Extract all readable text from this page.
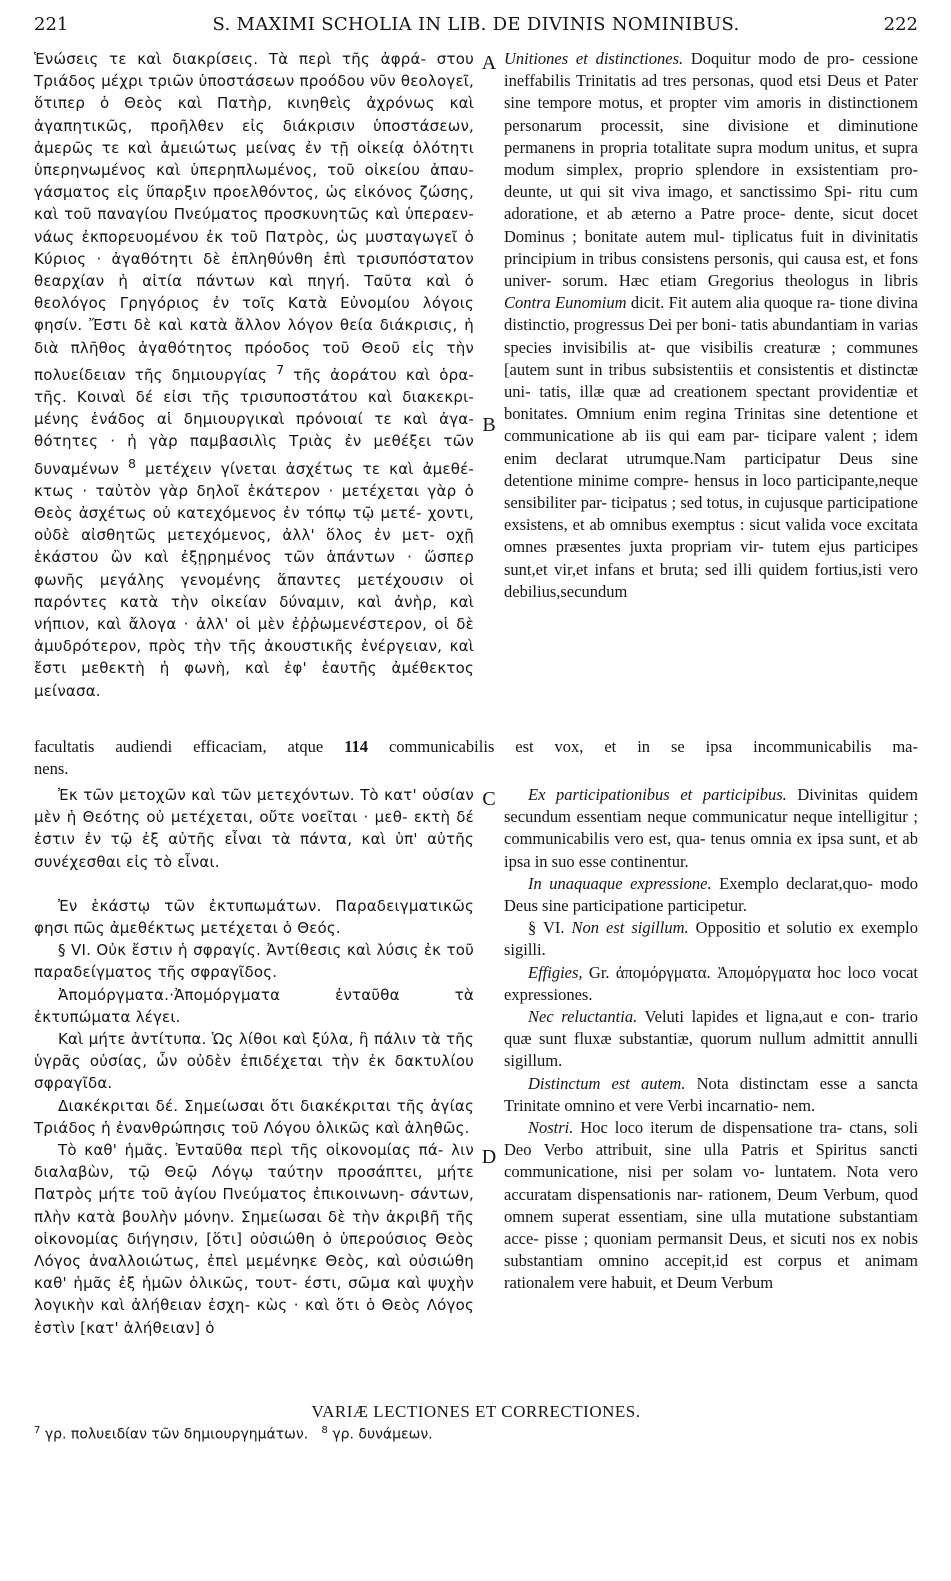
221	S. MAXIMI SCHOLIA IN LIB. DE DIVINIS NOMINIBUS.	222

Ἑνώσεις τε καὶ διακρίσεις. Τὰ περὶ τῆς ἀφρά- στου Τριάδος μέχρι τριῶν ὑποστάσεων προόδου νῦν θεολογεῖ, ὅτιπερ ὁ Θεὸς καὶ Πατὴρ, κινηθεὶς ἀχρόνως καὶ ἀγαπητικῶς, προῆλθεν εἰς διάκρισιν ὑποστάσεων, ἀμερῶς τε καὶ ἀμειώτως μείνας ἐν τῇ οἰκείᾳ ὁλότητι ὑπερηνωμένος καὶ ὑπερηπλωμένος, τοῦ οἰκείου ἀπαυ- γάσματος εἰς ὕπαρξιν προελθόντος, ὡς εἰκόνος ζώσης, καὶ τοῦ παναγίου Πνεύματος προσκυνητῶς καὶ ὑπεραεν- νάως ἐκπορευομένου ἐκ τοῦ Πατρὸς, ὡς μυσταγωγεῖ ὁ Κύριος · ἀγαθότητι δὲ ἐπληθύνθη ἐπὶ τρισυπόστατον θεαρχίαν ἡ αἰτία πάντων καὶ πηγή. Ταῦτα καὶ ὁ θεολόγος Γρηγόριος ἐν τοῖς Κατὰ Εὐνομίου λόγοις φησίν. Ἔστι δὲ καὶ κατὰ ἄλλον λόγον θεία διάκρισις, ἡ διὰ πλῆθος ἀγαθότητος πρόοδος τοῦ Θεοῦ εἰς τὴν πολυείδειαν τῆς δημιουργίας $^7$ τῆς ἀοράτου καὶ ὁρα- τῆς. Κοιναὶ δέ εἰσι τῆς τρισυποστάτου καὶ διακεκρι- μένης ἑνάδος αἱ δημιουργικαὶ πρόνοιαί τε καὶ ἀγα- θότητες · ἡ γὰρ παμβασιλὶς Τριὰς ἐν μεθέξει τῶν δυναμένων $^8$ μετέχειν γίνεται ἀσχέτως τε καὶ ἀμεθέ- κτως · ταὐτὸν γὰρ δηλοῖ ἑκάτερον · μετέχεται γὰρ ὁ Θεὸς ἀσχέτως οὐ κατεχόμενος ἐν τόπῳ τῷ μετέ- χοντι, οὐδὲ αἰσθητῶς μετεχόμενος, ἀλλ' ὅλος ἐν μετ- οχῇ ἑκάστου ὢν καὶ ἐξῃρημένος τῶν ἁπάντων · ὥσπερ φωνῆς μεγάλης γενομένης ἅπαντες μετέχουσιν οἱ παρόντες κατὰ τὴν οἰκείαν δύναμιν, καὶ ἀνὴρ, καὶ νήπιον, καὶ ἄλογα · ἀλλ' οἱ μὲν ἐῤῥωμενέστερον, οἱ δὲ ἀμυδρότερον, πρὸς τὴν τῆς ἀκουστικῆς ἐνέργειαν, καὶ ἔστι μεθεκτὴ ἡ φωνὴ, καὶ ἐφ' ἑαυτῆς ἀμέθεκτος μείνασα.

A
B
C
D

Unitiones et distinctiones. Doquitur modo de pro- cessione ineffabilis Trinitatis ad tres personas, quod etsi Deus et Pater sine tempore motus, et propter vim amoris in distinctionem personarum processit, sine divisione et diminutione permanens in propria totalitate supra modum unitus, et supra modum simplex, proprio splendore in exsistentiam pro- deunte, ut qui sit viva imago, et sanctissimo Spi- ritu cum adoratione, et ab æterno a Patre proce- dente, sicut docet Dominus ; bonitate autem mul- tiplicatus fuit in divinitatis principium in tribus consistens personis, qui causa est, et fons univer- sorum. Hæc etiam Gregorius theologus in libris Contra Eunomium dicit. Fit autem alia quoque ra- tione divina distinctio, progressus Dei per boni- tatis abundantiam in varias species invisibilis at- que visibilis creaturæ ; communes [autem sunt in tribus subsistentiis et consistentis et distinctæ uni- tatis, illæ quæ ad creationem spectant providentiæ et bonitates. Omnium enim regina Trinitas sine detentione et communicatione ab iis qui eam par- ticipare valent ; idem enim declarat utrumque.Nam participatur Deus sine detentione minime compre- hensus in loco participante,neque sensibiliter par- ticipatus ; sed totus, in cujusque participatione exsistens, et ab omnibus exemptus : sicut valida voce excitata omnes præsentes juxta propriam vir- tutem ejus participes sunt,et vir,et infans et bruta; sed illi quidem fortius,isti vero debilius,secundum

facultatis audiendi efficaciam, atque 114 communicabilis est vox, et in se ipsa incommunicabilis ma-
nens.

Ἐκ τῶν μετοχῶν καὶ τῶν μετεχόντων. Τὸ κατ' οὐσίαν μὲν ἡ Θεότης οὐ μετέχεται, οὔτε νοεῖται · μεθ- εκτὴ δέ ἐστιν ἐν τῷ ἐξ αὐτῆς εἶναι τὰ πάντα, καὶ ὑπ' αὐτῆς συνέχεσθαι εἰς τὸ εἶναι.

Ἐν ἑκάστῳ τῶν ἐκτυπωμάτων. Παραδειγματικῶς φησι πῶς ἀμεθέκτως μετέχεται ὁ Θεός.

§ VI. Οὐκ ἔστιν ἡ σφραγίς. Ἀντίθεσις καὶ λύσις ἐκ τοῦ παραδείγματος τῆς σφραγῖδος.

Ἀπομόργματα.·Ἀπομόργματα ἐνταῦθα τὰ ἐκτυπώματα λέγει.

Καὶ μήτε ἀντίτυπα. Ὡς λίθοι καὶ ξύλα, ἢ πάλιν τὰ τῆς ὑγρᾶς οὐσίας, ὧν οὐδὲν ἐπιδέχεται τὴν ἐκ δακτυλίου σφραγῖδα.

Διακέκριται δέ. Σημείωσαι ὅτι διακέκριται τῆς ἁγίας Τριάδος ἡ ἐνανθρώπησις τοῦ Λόγου ὁλικῶς καὶ ἀληθῶς.

Τὸ καθ' ἡμᾶς. Ἐνταῦθα περὶ τῆς οἰκονομίας πά- λιν διαλαβὼν, τῷ Θεῷ Λόγῳ ταύτην προσάπτει, μήτε Πατρὸς μήτε τοῦ ἁγίου Πνεύματος ἐπικοινωνη- σάντων, πλὴν κατὰ βουλὴν μόνην. Σημείωσαι δὲ τὴν ἀκριβῆ τῆς οἰκονομίας διήγησιν, [ὅτι] οὐσιώθη ὁ ὑπερούσιος Θεὸς Λόγος ἀναλλοιώτως, ἐπεὶ μεμένηκε Θεὸς, καὶ οὐσιώθη καθ' ἡμᾶς ἐξ ἡμῶν ὁλικῶς, τουτ- έστι, σῶμα καὶ ψυχὴν λογικὴν καὶ ἀλήθειαν ἐσχη- κὼς · καὶ ὅτι ὁ Θεὸς Λόγος ἐστὶν [κατ' ἀλήθειαν] ὁ

Ex participationibus et participibus. Divinitas quidem secundum essentiam neque communicatur neque intelligitur ; communicabilis vero est, qua- tenus omnia ex ipsa sunt, et ab ipsa in suo esse continentur.

In unaquaque expressione. Exemplo declarat,quo- modo Deus sine participatione participetur.

§ VI. Non est sigillum. Oppositio et solutio ex exemplo sigilli.

Effigies, Gr. ἀπομόργματα. Ἀπομόργματα hoc loco vocat expressiones.

Nec reluctantia. Veluti lapides et ligna,aut e con- trario quæ sunt fluxæ substantiæ, quorum nullum admittit annulli sigillum.

Distinctum est autem. Nota distinctam esse a sancta Trinitate omnino et vere Verbi incarnatio- nem.

Nostri. Hoc loco iterum de dispensatione tra- ctans, soli Deo Verbo attribuit, sine ulla Patris et Spiritus sancti communicatione, nisi per solam vo- luntatem. Nota vero accuratam dispensationis nar- rationem, Deum Verbum, quod omnem superat essentiam, sine ulla mutatione substantiam acce- pisse ; quoniam permansit Deus, et sicuti nos ex nobis substantiam omnino accepit,id est corpus et animam rationalem vere habuit, et Deum Verbum

VARIÆ LECTIONES ET CORRECTIONES.
$^7$ γρ. πολυειδίαν τῶν δημιουργημάτων. $^8$ γρ. δυνάμεων.
